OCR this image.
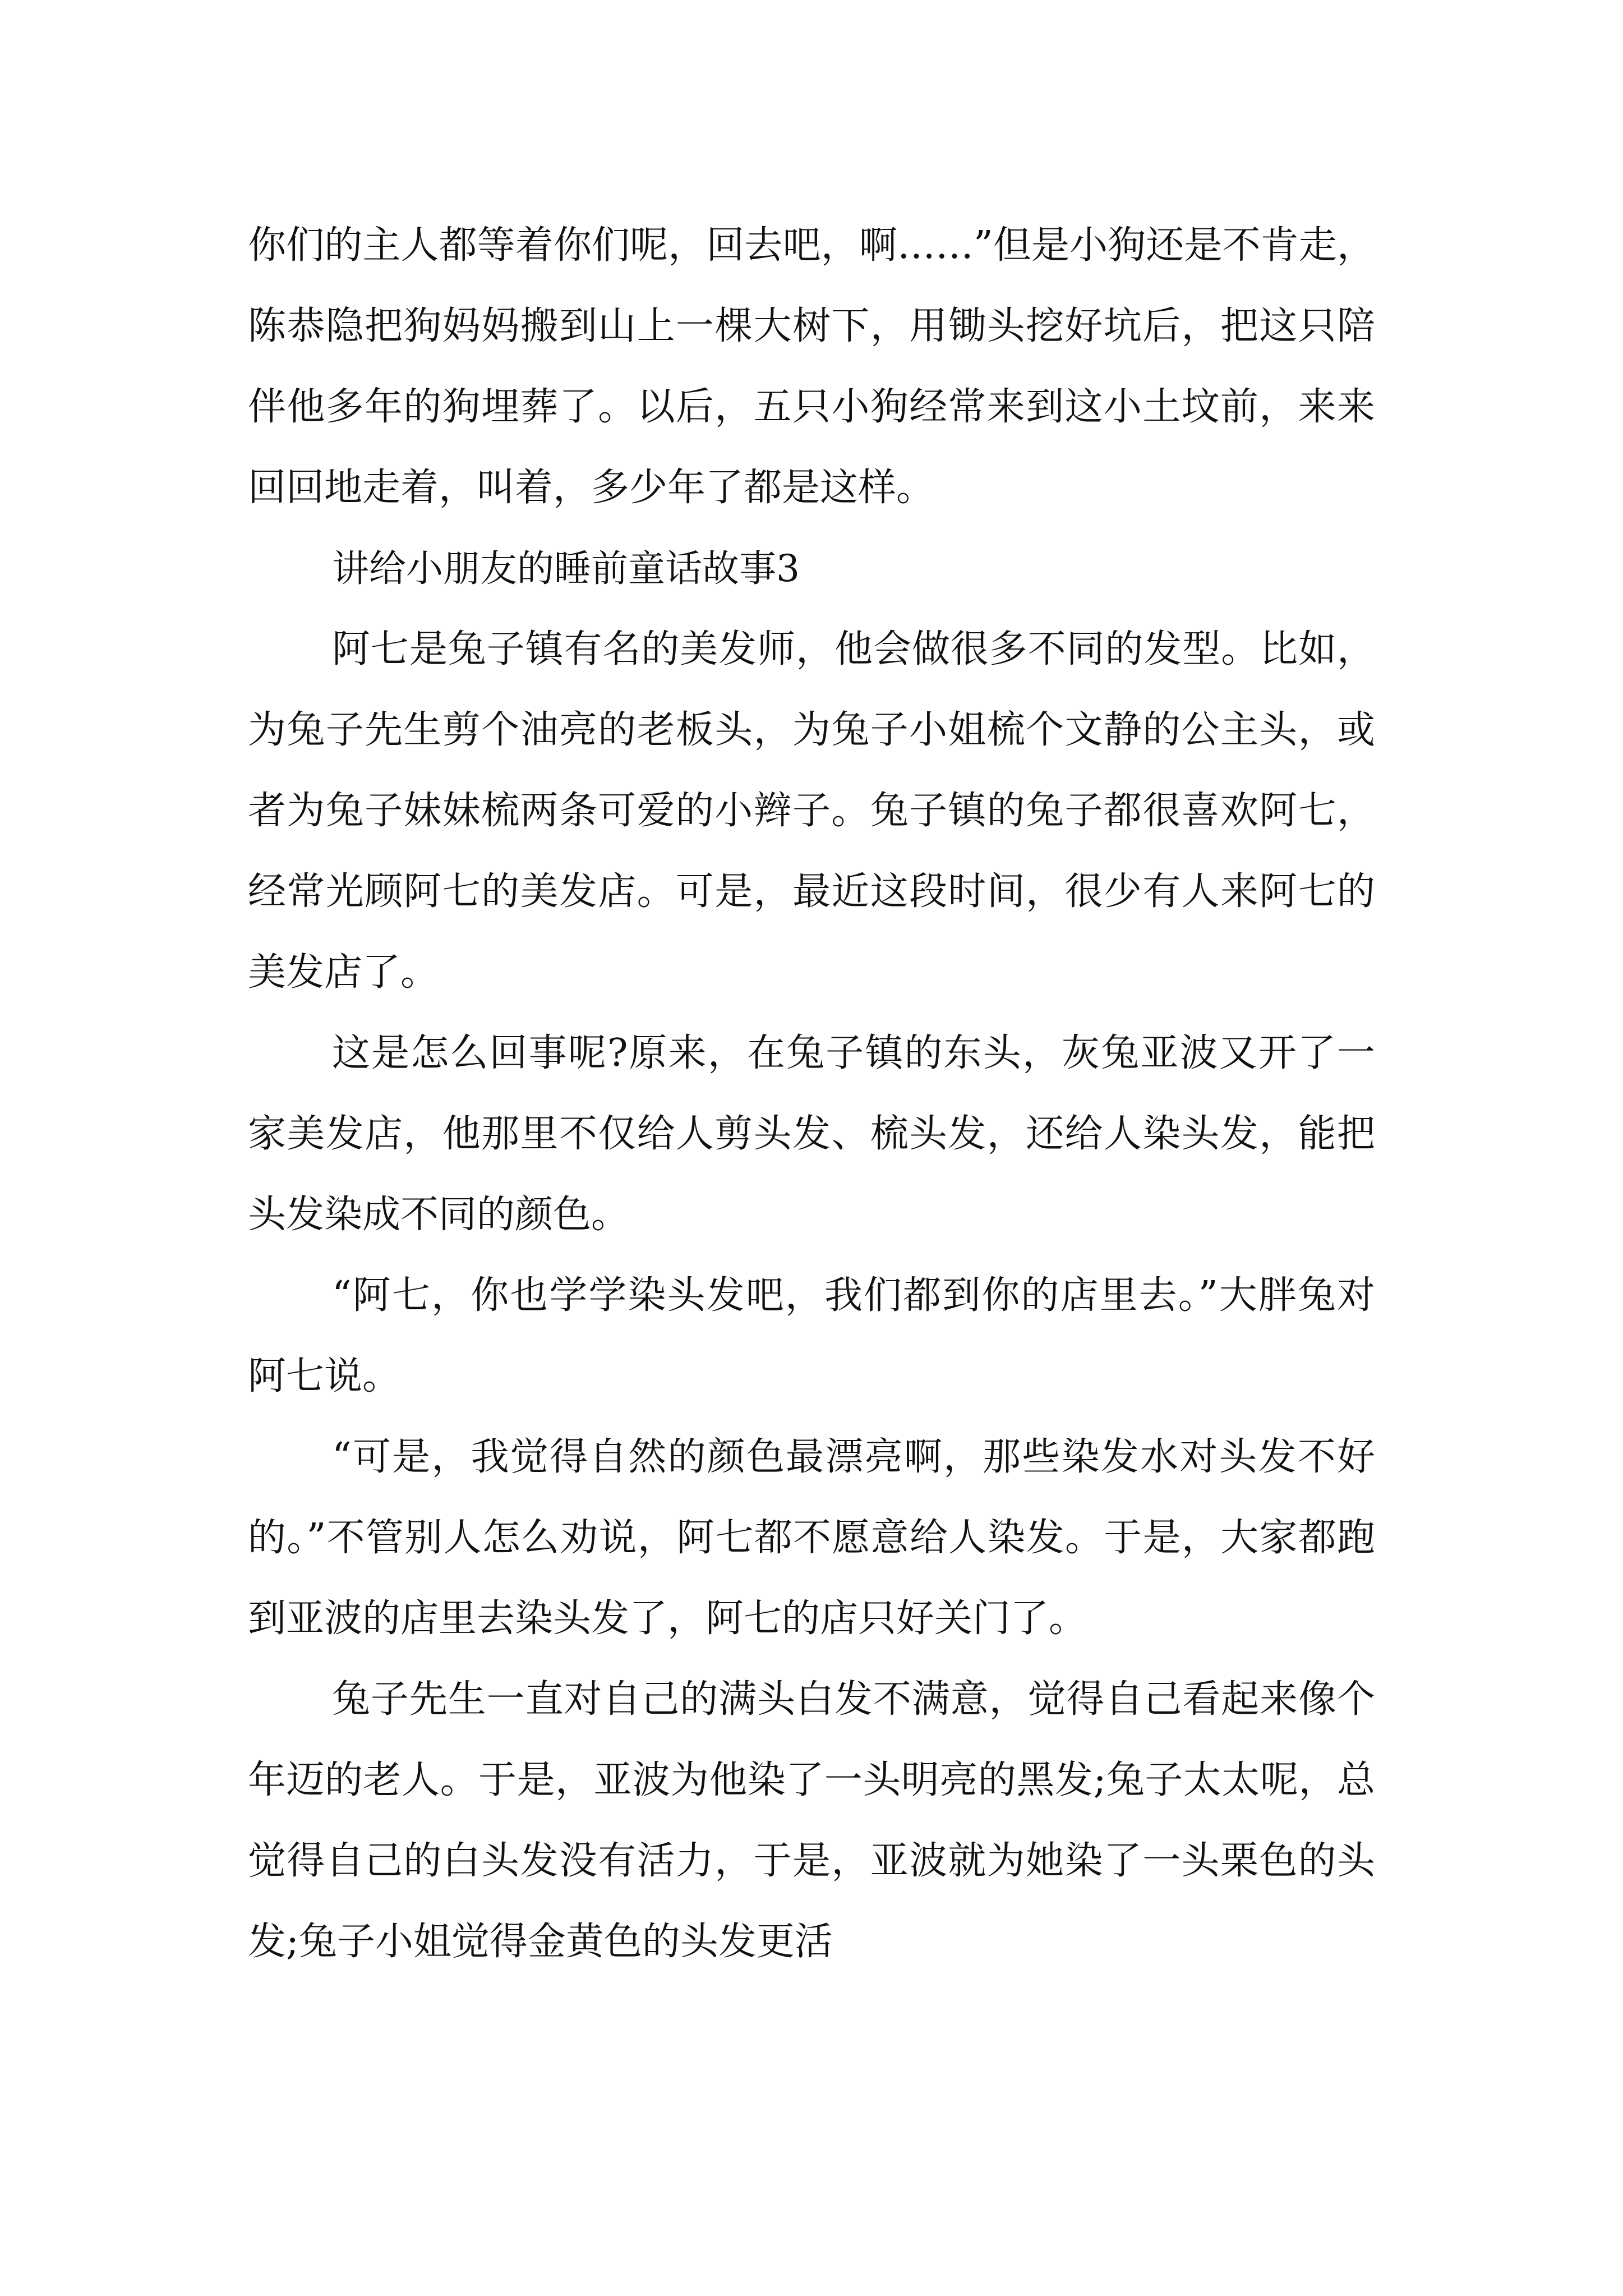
你们的主人都等着你们呢，回去吧，啊……”但是小狗还是不肯走，陈恭隐把狗妈妈搬到山上一棵大树下，用锄头挖好坑后，把这只陪伴他多年的狗埋葬了。以后，五只小狗经常来到这小土坟前，来来回回地走着，叫着，多少年了都是这样。

讲给小朋友的睡前童话故事3

阿七是兔子镇有名的美发师，他会做很多不同的发型。比如，为兔子先生剪个油亮的老板头，为兔子小姐梳个文静的公主头，或者为兔子妹妹梳两条可爱的小辫子。兔子镇的兔子都很喜欢阿七，经常光顾阿七的美发店。可是，最近这段时间，很少有人来阿七的美发店了。

这是怎么回事呢?原来，在兔子镇的东头，灰兔亚波又开了一家美发店，他那里不仅给人剪头发、梳头发，还给人染头发，能把头发染成不同的颜色。

“阿七，你也学学染头发吧，我们都到你的店里去。”大胖兔对阿七说。

“可是，我觉得自然的颜色最漂亮啊，那些染发水对头发不好的。”不管别人怎么劝说，阿七都不愿意给人染发。于是，大家都跑到亚波的店里去染头发了，阿七的店只好关门了。

兔子先生一直对自己的满头白发不满意，觉得自己看起来像个年迈的老人。于是，亚波为他染了一头明亮的黑发;兔子太太呢，总觉得自己的白头发没有活力，于是，亚波就为她染了一头栗色的头发;兔子小姐觉得金黄色的头发更活
